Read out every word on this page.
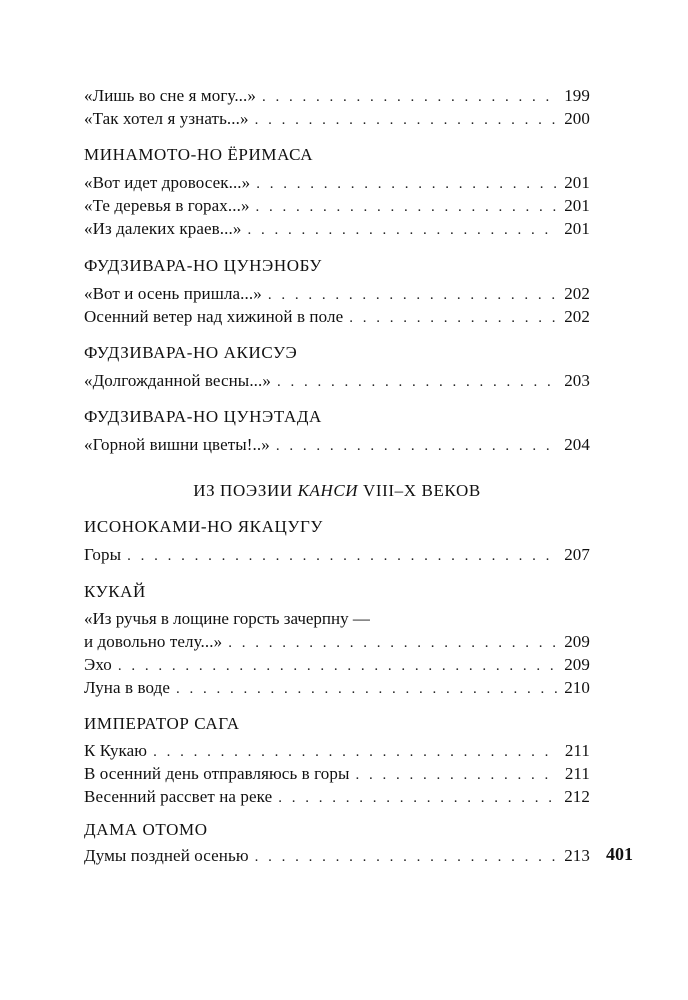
«Лишь во сне я могу...» . . .	199
«Так хотел я узнать...» . . .	200
МИНАМОТО-НО ЁРИМАСА
«Вот идет дровосек...» . . .	201
«Те деревья в горах...» . . .	201
«Из далеких краев...» . . .	201
ФУДЗИВАРА-НО ЦУНЭНОБУ
«Вот и осень пришла...» . . .	202
Осенний ветер над хижиной в поле . . .	202
ФУДЗИВАРА-НО АКИСУЭ
«Долгожданной весны...» . . .	203
ФУДЗИВАРА-НО ЦУНЭТАДА
«Горной вишни цветы!..» . . .	204
ИЗ ПОЭЗИИ КАНСИ VIII–X ВЕКОВ
ИСОНОКАМИ-НО ЯКАЦУГУ
Горы . . .	207
КУКАЙ
«Из ручья в лощине горсть зачерпну —
и довольно телу...» . . .	209
Эхо . . .	209
Луна в воде . . .	210
ИМПЕРАТОР САГА
К Кукаю . . .	211
В осенний день отправляюсь в горы . . .	211
Весенний рассвет на реке . . .	212
ДАМА ОТОМО
Думы поздней осенью . . .	213 401
